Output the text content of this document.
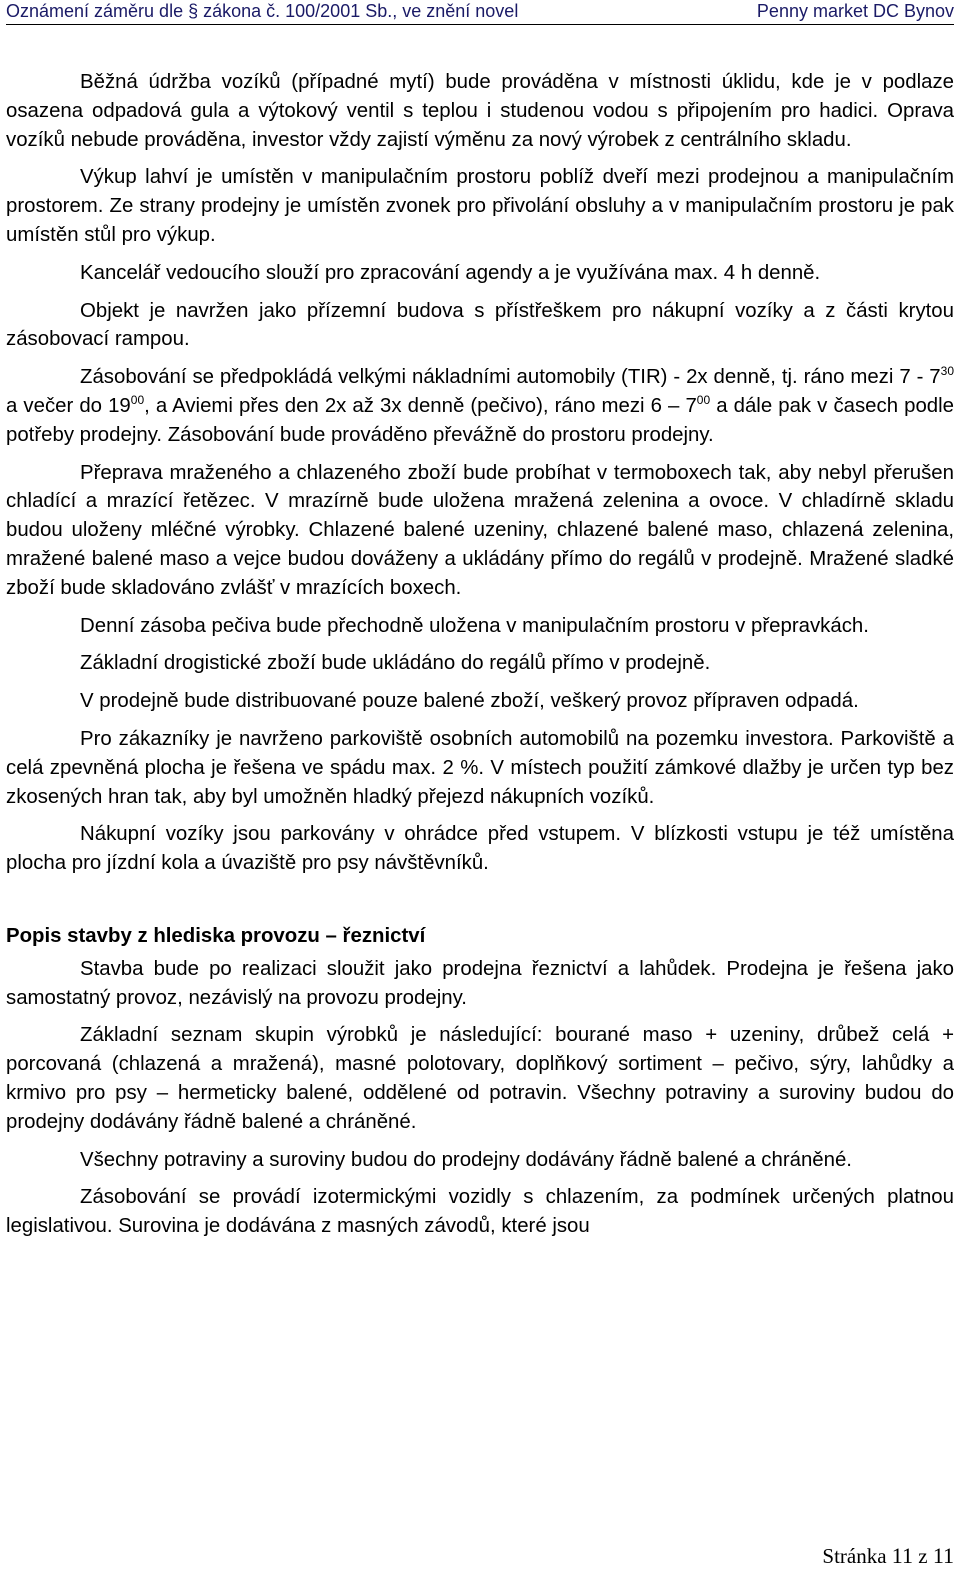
Oznámení záměru dle § zákona č. 100/2001 Sb., ve znění novel	Penny market DC Bynov

Běžná údržba vozíků (případné mytí) bude prováděna v místnosti úklidu, kde je v podlaze osazena odpadová gula a výtokový ventil s teplou i studenou vodou s připojením pro hadici. Oprava vozíků nebude prováděna, investor vždy zajistí výměnu za nový výrobek z centrálního skladu.

Výkup lahví je umístěn v manipulačním prostoru poblíž dveří mezi prodejnou a manipulačním prostorem. Ze strany prodejny je umístěn zvonek pro přivolání obsluhy a v manipulačním prostoru je pak umístěn stůl pro výkup.

Kancelář vedoucího slouží pro zpracování agendy a je využívána max. 4 h denně.

Objekt je navržen jako přízemní budova s přístřeškem pro nákupní vozíky a z části krytou zásobovací rampou.

Zásobování se předpokládá velkými nákladními automobily (TIR) - 2x denně, tj. ráno mezi $7 - 7^{30}$ a večer do $19^{00}$, a Aviemi přes den 2x až 3x denně (pečivo), ráno mezi $6 - 7^{00}$ a dále pak v časech podle potřeby prodejny. Zásobování bude prováděno převážně do prostoru prodejny.

Přeprava mraženého a chlazeného zboží bude probíhat v termoboxech tak, aby nebyl přerušen chladící a mrazící řetězec. V mrazírně bude uložena mražená zelenina a ovoce. V chladírně skladu budou uloženy mléčné výrobky. Chlazené balené uzeniny, chlazené balené maso, chlazená zelenina, mražené balené maso a vejce budou dováženy a ukládány přímo do regálů v prodejně. Mražené sladké zboží bude skladováno zvlášť v mrazících boxech.

Denní zásoba pečiva bude přechodně uložena v manipulačním prostoru v přepravkách.

Základní drogistické zboží bude ukládáno do regálů přímo v prodejně.

V prodejně bude distribuované pouze balené zboží, veškerý provoz přípraven odpadá.

Pro zákazníky je navrženo parkoviště osobních automobilů na pozemku investora. Parkoviště a celá zpevněná plocha je řešena ve spádu max. 2 %. V místech použití zámkové dlažby je určen typ bez zkosených hran tak, aby byl umožněn hladký přejezd nákupních vozíků.

Nákupní vozíky jsou parkovány v ohrádce před vstupem. V blízkosti vstupu je též umístěna plocha pro jízdní kola a úvaziště pro psy návštěvníků.

Popis stavby z hlediska provozu – řeznictví

Stavba bude po realizaci sloužit jako prodejna řeznictví a lahůdek. Prodejna je řešena jako samostatný provoz, nezávislý na provozu prodejny.

Základní seznam skupin výrobků je následující: bourané maso + uzeniny, drůbež celá + porcovaná (chlazená a mražená), masné polotovary, doplňkový sortiment – pečivo, sýry, lahůdky a krmivo pro psy – hermeticky balené, oddělené od potravin. Všechny potraviny a suroviny budou do prodejny dodávány řádně balené a chráněné.

Všechny potraviny a suroviny budou do prodejny dodávány řádně balené a chráněné.

Zásobování se provádí izotermickými vozidly s chlazením, za podmínek určených platnou legislativou. Surovina je dodávána z masných závodů, které jsou

Stránka 11 z 11
